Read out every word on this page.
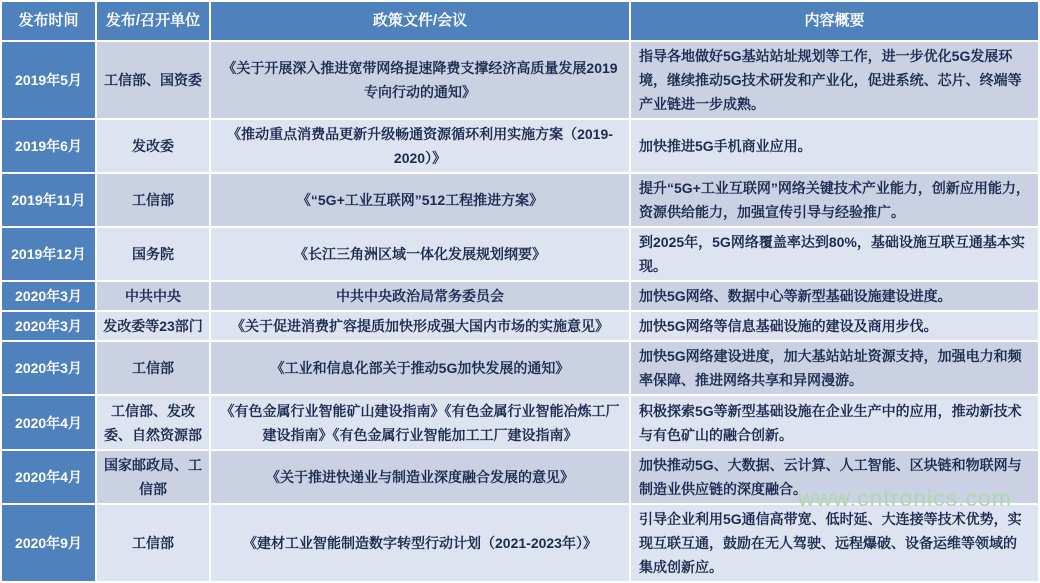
发布时间	发布/召开单位	政策文件/会议	内容概要
2019年5月	工信部、国资委	《关于开展深入推进宽带网络提速降费支撑经济高质量发展2019专向行动的通知》	指导各地做好5G基站站址规划等工作，进一步优化5G发展环境，继续推动5G技术研发和产业化，促进系统、芯片、终端等产业链进一步成熟。
2019年6月	发改委	《推动重点消费品更新升级畅通资源循环利用实施方案（2019-2020）》	加快推进5G手机商业应用。
2019年11月	工信部	《“5G+工业互联网”512工程推进方案》	提升“5G+工业互联网”网络关键技术产业能力，创新应用能力，资源供给能力，加强宣传引导与经验推广。
2019年12月	国务院	《长江三角洲区域一体化发展规划纲要》	到2025年，5G网络覆盖率达到80%，基础设施互联互通基本实现。
2020年3月	中共中央	中共中央政治局常务委员会	加快5G网络、数据中心等新型基础设施建设进度。
2020年3月	发改委等23部门	《关于促进消费扩容提质加快形成强大国内市场的实施意见》	加快5G网络等信息基础设施的建设及商用步伐。
2020年3月	工信部	《工业和信息化部关于推动5G加快发展的通知》	加快5G网络建设进度，加大基站站址资源支持，加强电力和频率保障、推进网络共享和异网漫游。
2020年4月	工信部、发改委、自然资源部	《有色金属行业智能矿山建设指南》《有色金属行业智能冶炼工厂建设指南》《有色金属行业智能加工工厂建设指南》	积极探索5G等新型基础设施在企业生产中的应用，推动新技术与有色矿山的融合创新。
2020年4月	国家邮政局、工信部	《关于推进快递业与制造业深度融合发展的意见》	加快推动5G、大数据、云计算、人工智能、区块链和物联网与制造业供应链的深度融合。
2020年9月	工信部	《建材工业智能制造数字转型行动计划（2021-2023年）》	引导企业利用5G通信高带宽、低时延、大连接等技术优势，实现互联互通，鼓励在无人驾驶、远程爆破、设备运维等领域的集成创新应。
www.cntronics.com
